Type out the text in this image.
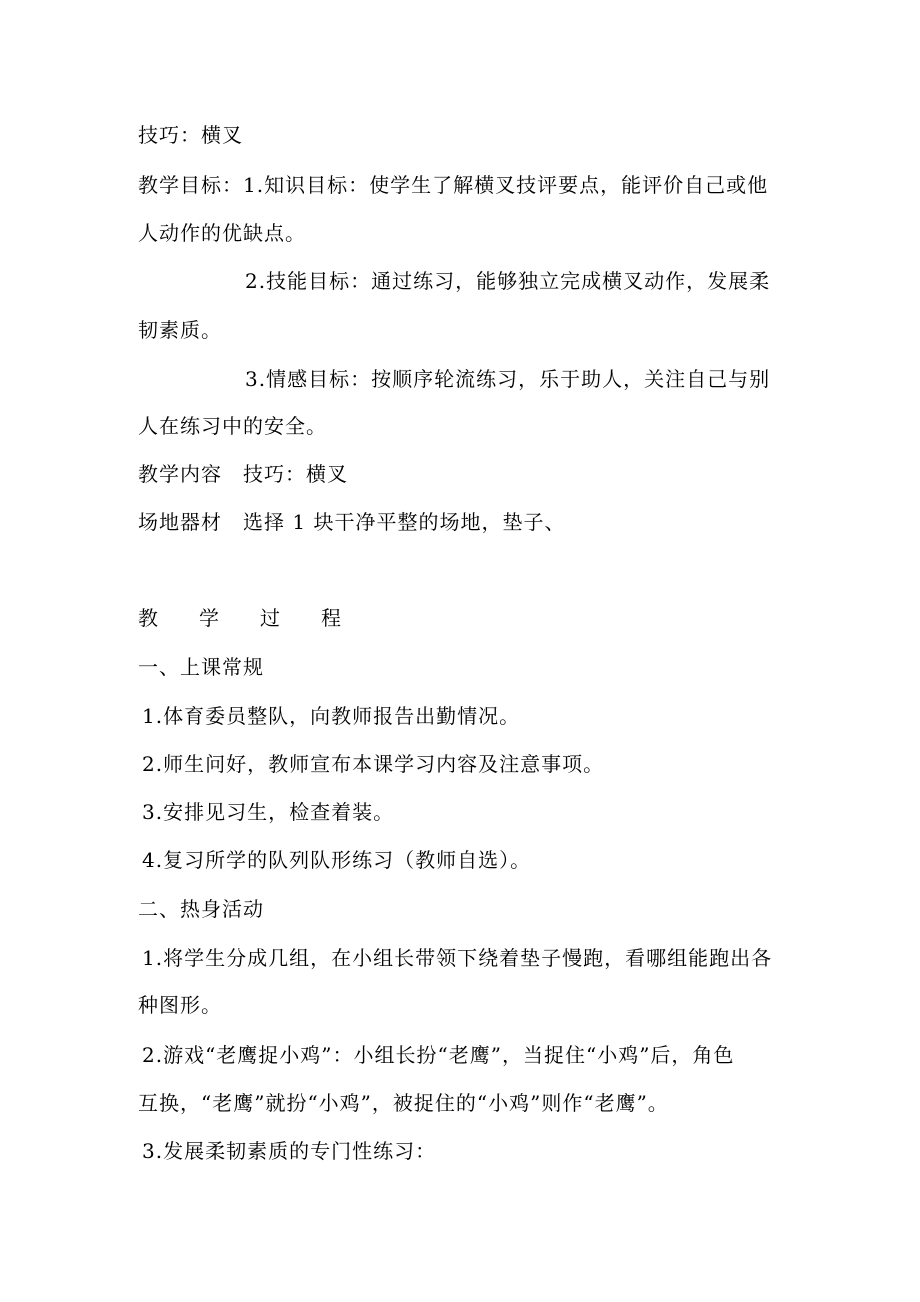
技巧：横叉
教学目标：1.知识目标：使学生了解横叉技评要点，能评价自己或他
人动作的优缺点。
2.技能目标：通过练习，能够独立完成横叉动作，发展柔
韧素质。
3.情感目标：按顺序轮流练习，乐于助人，关注自己与别
人在练习中的安全。
教学内容　技巧：横叉
场地器材　选择 1 块干净平整的场地，垫子、
教学过程
一、上课常规
1.体育委员整队，向教师报告出勤情况。
2.师生问好，教师宣布本课学习内容及注意事项。
3.安排见习生，检查着装。
4.复习所学的队列队形练习（教师自选）。
二、热身活动
1.将学生分成几组，在小组长带领下绕着垫子慢跑，看哪组能跑出各
种图形。
2.游戏“老鹰捉小鸡”：小组长扮“老鹰”，当捉住“小鸡”后，角色
互换，“老鹰”就扮“小鸡”，被捉住的“小鸡”则作“老鹰”。
3.发展柔韧素质的专门性练习：
